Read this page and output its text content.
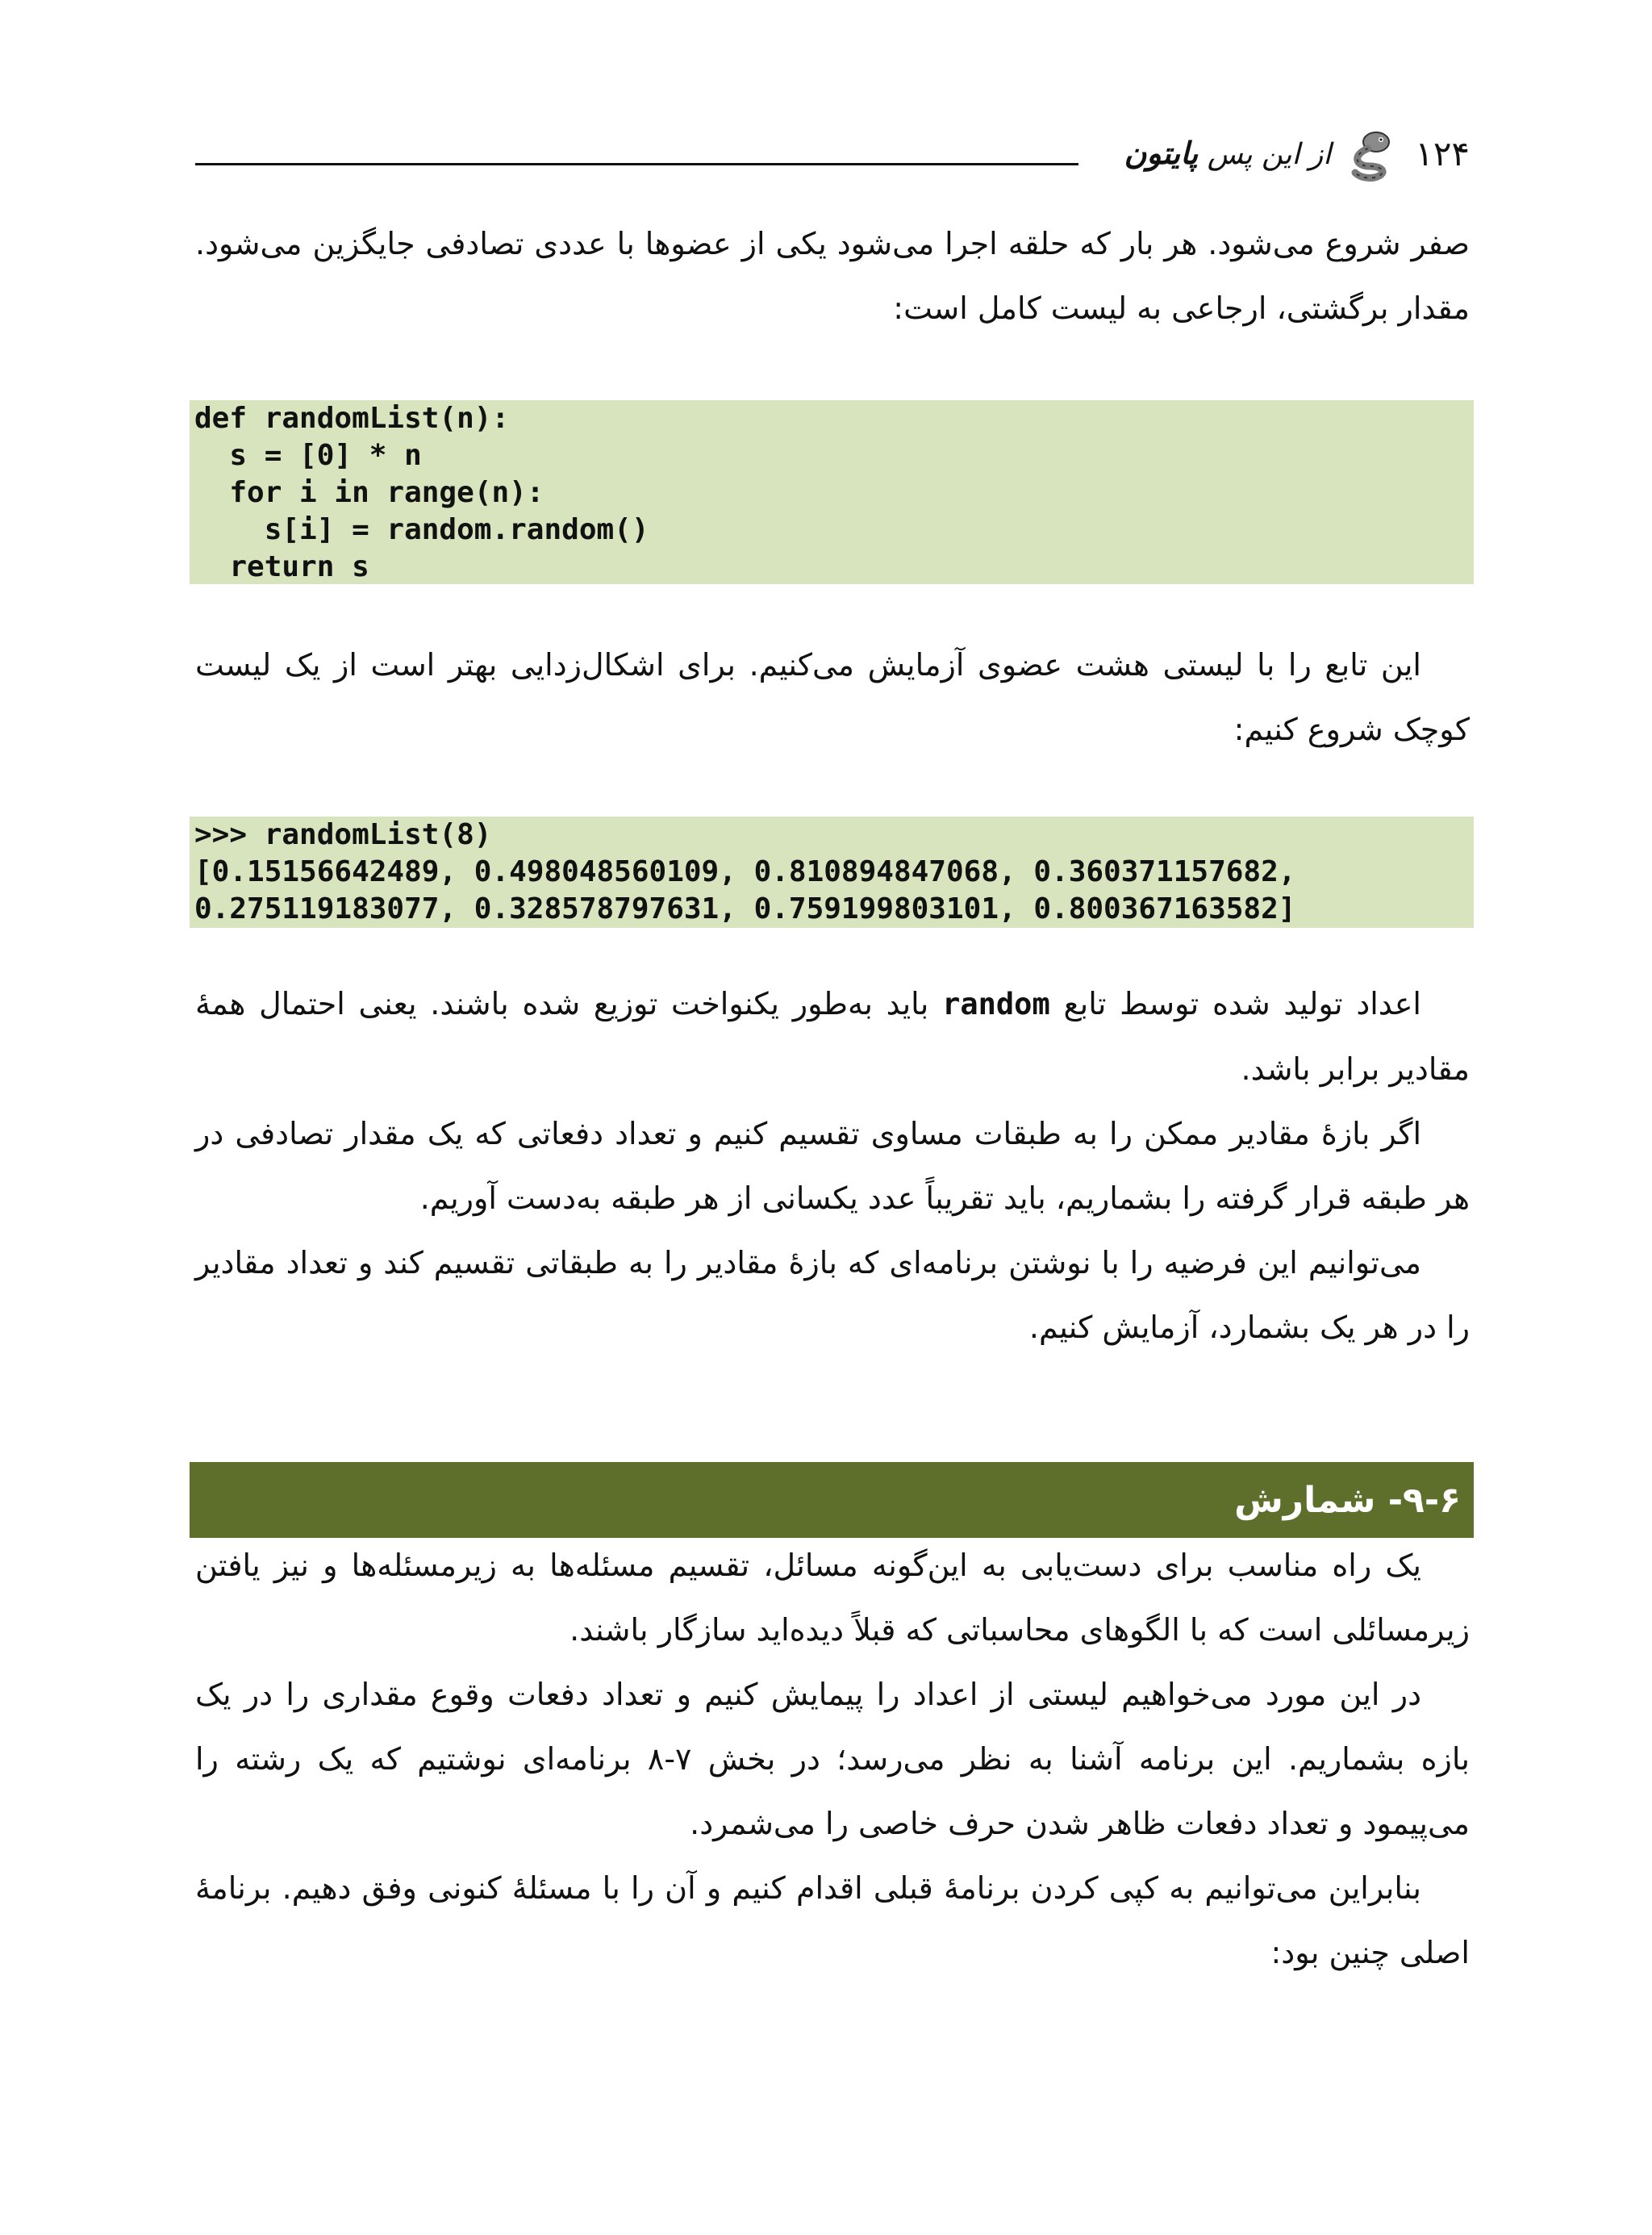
۱۲۴
از این پس پایتون
صفر شروع می‌شود. هر بار که حلقه اجرا می‌شود یکی از عضوها با عددی تصادفی جایگزین می‌شود. مقدار برگشتی، ارجاعی به لیست کامل است:
def randomList(n):
s = [0] * n
for i in range(n):
s[i] = random.random()
return s
این تابع را با لیستی هشت عضوی آزمایش می‌کنیم. برای اشکال‌زدایی بهتر است از یک لیست کوچک شروع کنیم:
>>> randomList(8)
[0.15156642489, 0.498048560109, 0.810894847068, 0.360371157682,
0.275119183077, 0.328578797631, 0.759199803101, 0.800367163582]
اعداد تولید شده توسط تابع random باید به‌طور یکنواخت توزیع شده باشند. یعنی احتمال همهٔ مقادیر برابر باشد.
اگر بازهٔ مقادیر ممکن را به طبقات مساوی تقسیم کنیم و تعداد دفعاتی که یک مقدار تصادفی در هر طبقه قرار گرفته را بشماریم، باید تقریباً عدد یکسانی از هر طبقه به‌دست آوریم.
می‌توانیم این فرضیه را با نوشتن برنامه‌ای که بازهٔ مقادیر را به طبقاتی تقسیم کند و تعداد مقادیر را در هر یک بشمارد، آزمایش کنیم.
۹-۶- شمارش
یک راه مناسب برای دست‌یابی به این‌گونه مسائل، تقسیم مسئله‌ها به زیرمسئله‌ها و نیز یافتن زیرمسائلی است که با الگوهای محاسباتی که قبلاً دیده‌اید سازگار باشند.
در این مورد می‌خواهیم لیستی از اعداد را پیمایش کنیم و تعداد دفعات وقوع مقداری را در یک بازه بشماریم. این برنامه آشنا به نظر می‌رسد؛ در بخش ۷-۸ برنامه‌ای نوشتیم که یک رشته را می‌پیمود و تعداد دفعات ظاهر شدن حرف خاصی را می‌شمرد.
بنابراین می‌توانیم به کپی کردن برنامهٔ قبلی اقدام کنیم و آن را با مسئلهٔ کنونی وفق دهیم. برنامهٔ اصلی چنین بود:
